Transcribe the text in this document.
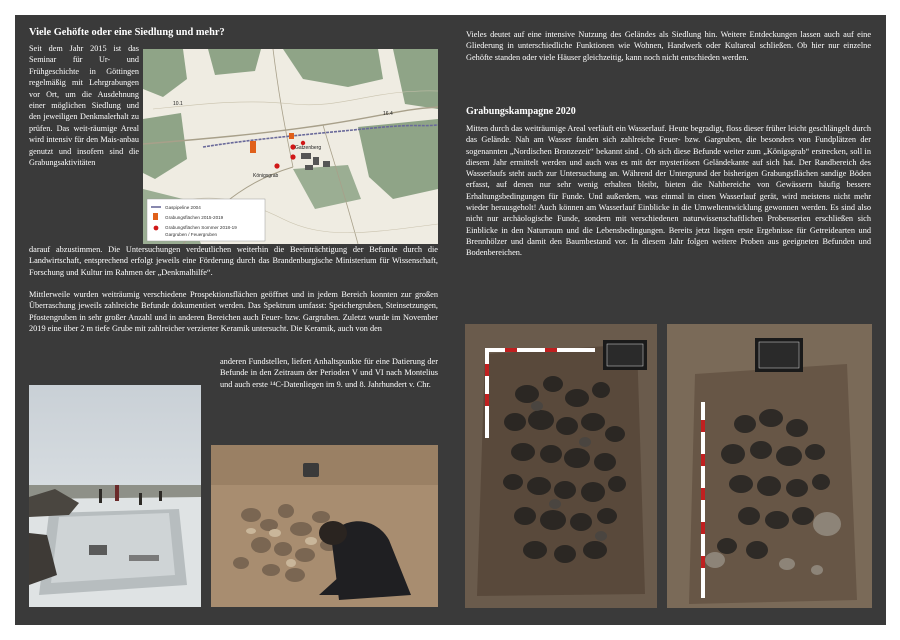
Viele Gehöfte oder eine Siedlung und mehr?

Seit dem Jahr 2015 ist das Seminar für Ur- und Frühgeschichte in Göttingen regelmäßig mit Lehrgrabungen vor Ort, um die Ausdehnung einer möglichen Siedlung und den jeweiligen Denkmalerhalt zu prüfen. Das weit-räumige Areal wird intensiv für den Mais-anbau genutzt und insofern sind die Grabungsaktivitäten

Gatzenberg
Königsgrab
10.1
16.4
Gaspipeline 2004
Grabungsflächen 2015-2019
Grabungsflächen Sommer 2018-19
Gargruben / Feuergruben

darauf abzustimmen. Die Untersuchungen verdeutlichen weiterhin die Beeinträchtigung der Befunde durch die Landwirtschaft, entsprechend erfolgt jeweils eine Förderung durch das Brandenburgische Ministerium für Wissenschaft, Forschung und Kultur im Rahmen der „Denkmalhilfe“.

Mittlerweile wurden weiträumig verschiedene Prospektionsflächen geöffnet und in jedem Bereich konnten zur großen Überraschung jeweils zahlreiche Befunde dokumentiert werden. Das Spektrum umfasst: Speichergruben, Steinsetzungen, Pfostengruben in sehr großer Anzahl und in anderen Bereichen auch Feuer- bzw. Gargruben. Zuletzt wurde im November 2019 eine über 2 m tiefe Grube mit zahlreicher verzierter Keramik untersucht. Die Keramik, auch von den

anderen Fundstellen, liefert Anhaltspunkte für eine Datierung der Befunde in den Zeitraum der Perioden V und VI nach Montelius und auch erste ¹⁴C-Datenliegen im 9. und 8. Jahrhundert v. Chr.

Vieles deutet auf eine intensive Nutzung des Geländes als Siedlung hin. Weitere Entdeckungen lassen auch auf eine Gliederung in unterschiedliche Funktionen wie Wohnen, Handwerk oder Kultareal schließen. Ob hier nur einzelne Gehöfte standen oder viele Häuser gleichzeitig, kann noch nicht entschieden werden.

Grabungskampagne 2020

Mitten durch das weiträumige Areal verläuft ein Wasserlauf. Heute begradigt, floss dieser früher leicht geschlängelt durch das Gelände. Nah am Wasser fanden sich zahlreiche Feuer- bzw. Gargruben, die besonders von Fundplätzen der sogenannten „Nordischen Bronzezeit“ bekannt sind . Ob sich diese Befunde weiter zum „Königsgrab“ erstrecken, soll in diesem Jahr ermittelt werden und auch was es mit der mysteriösen Geländekante auf sich hat. Der Randbereich des Wasserlaufs steht auch zur Untersuchung an. Während der Untergrund der bisherigen Grabungsflächen sandige Böden erfasst, auf denen nur sehr wenig erhalten bleibt, bieten die Nahbereiche von Gewässern häufig bessere Erhaltungsbedingungen für Funde. Und außerdem, was einmal in einen Wasserlauf gerät, wird meistens nicht mehr wieder herausgeholt! Auch können am Wasserlauf Einblicke in die Umweltentwicklung gewonnen werden. Es sind also nicht nur archäologische Funde, sondern mit verschiedenen naturwissenschaftlichen Probenserien erschließen sich Einblicke in den Naturraum und die Lebensbedingungen. Bereits jetzt liegen erste Ergebnisse für Getreidearten und Brennhölzer und damit den Baumbestand vor. In diesem Jahr folgen weitere Proben aus geeigneten Befunden und Bodenbereichen.
